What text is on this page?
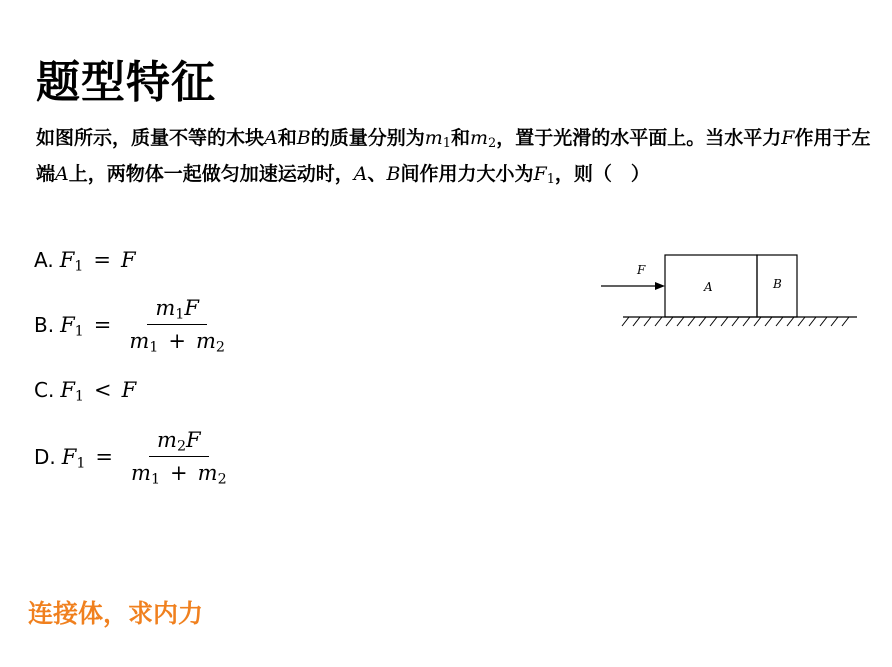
题型特征
如图所示，质量不等的木块A和B的质量分别为$m_1$和$m_2$，置于光滑的水平面上。当水平力F作用于左端A上，两物体一起做匀加速运动时，A、B间作用力大小为$F_1$，则（　）
A. $F_1 = F$
B. $F_1 = \frac{m_1F}{m_1 + m_2}$
C. $F_1 < F$
D. $F_1 = \frac{m_2F}{m_1 + m_2}$
F
A	B
连接体，求内力
